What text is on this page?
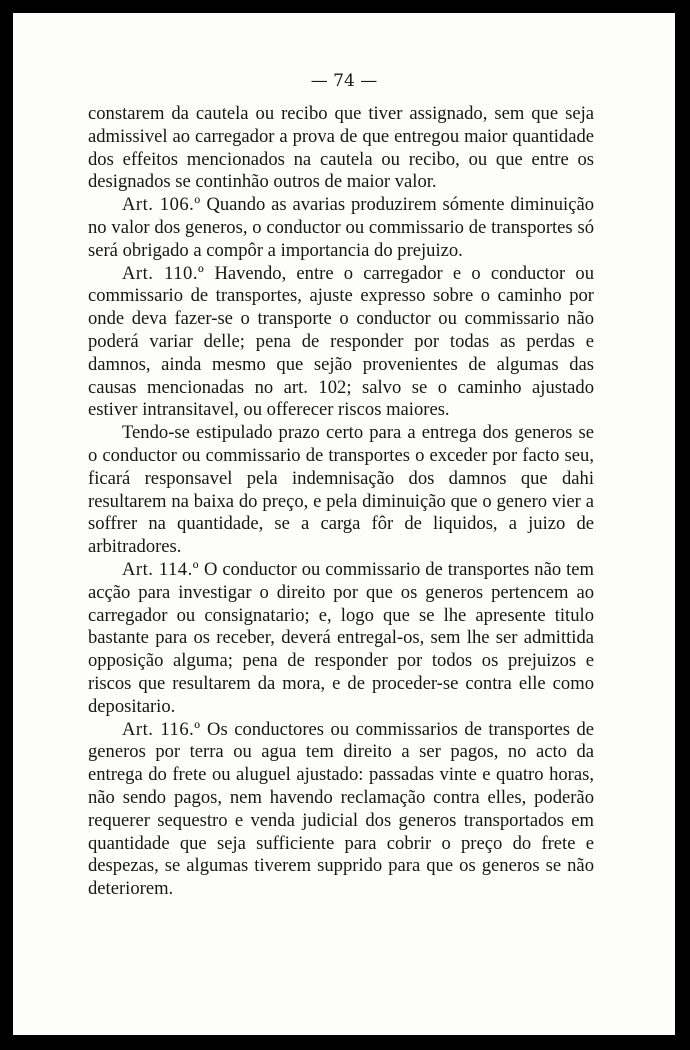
— 74 —

constarem da cautela ou recibo que tiver assignado, sem que seja admissivel ao carregador a prova de que entregou maior quantidade dos effeitos mencionados na cautela ou recibo, ou que entre os designados se continhão outros de maior valor.

Art. 106.º Quando as avarias produzirem sómente diminuição no valor dos generos, o conductor ou commissario de transportes só será obrigado a compôr a importancia do prejuizo.

Art. 110.º Havendo, entre o carregador e o conductor ou commissario de transportes, ajuste expresso sobre o caminho por onde deva fazer-se o transporte o conductor ou commissario não poderá variar delle; pena de responder por todas as perdas e damnos, ainda mesmo que sejão provenientes de algumas das causas mencionadas no art. 102; salvo se o caminho ajustado estiver intransitavel, ou offerecer riscos maiores.

Tendo-se estipulado prazo certo para a entrega dos generos se o conductor ou commissario de transportes o exceder por facto seu, ficará responsavel pela indemnisação dos damnos que dahi resultarem na baixa do preço, e pela diminuição que o genero vier a soffrer na quantidade, se a carga fôr de liquidos, a juizo de arbitradores.

Art. 114.º O conductor ou commissario de transportes não tem acção para investigar o direito por que os generos pertencem ao carregador ou consignatario; e, logo que se lhe apresente titulo bastante para os receber, deverá entregal-os, sem lhe ser admittida opposição alguma; pena de responder por todos os prejuizos e riscos que resultarem da mora, e de proceder-se contra elle como depositario.

Art. 116.º Os conductores ou commissarios de transportes de generos por terra ou agua tem direito a ser pagos, no acto da entrega do frete ou aluguel ajustado: passadas vinte e quatro horas, não sendo pagos, nem havendo reclamação contra elles, poderão requerer sequestro e venda judicial dos generos transportados em quantidade que seja sufficiente para cobrir o preço do frete e despezas, se algumas tiverem supprido para que os generos se não deteriorem.
